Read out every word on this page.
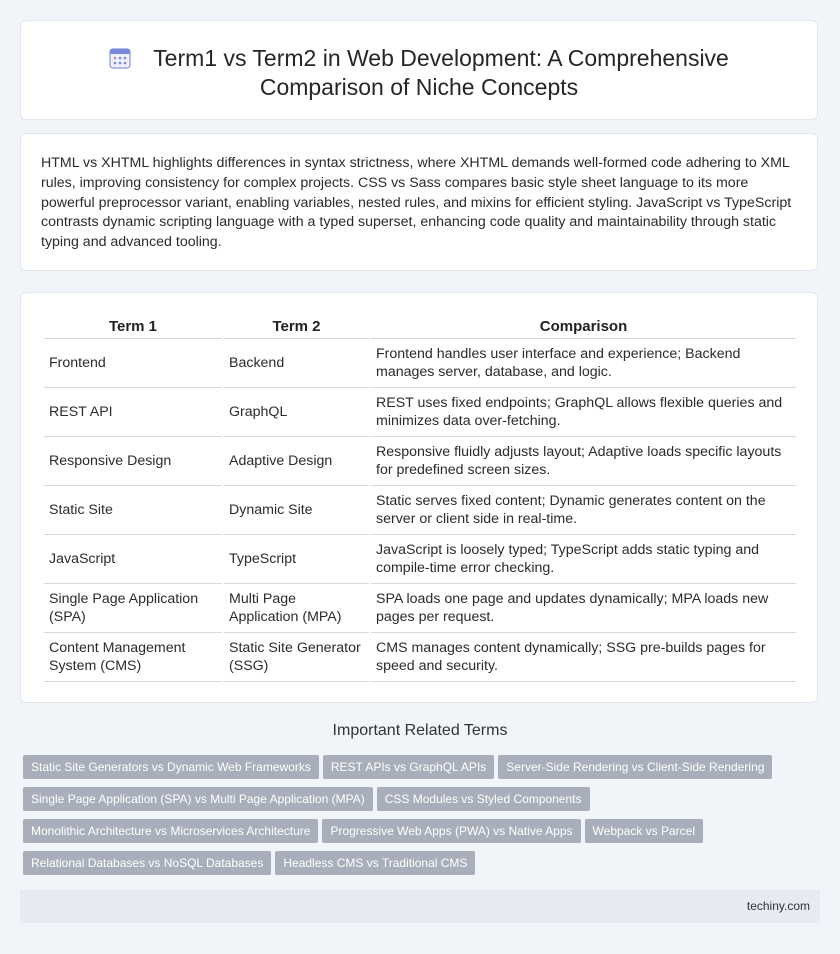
Term1 vs Term2 in Web Development: A Comprehensive
Comparison of Niche Concepts

HTML vs XHTML highlights differences in syntax strictness, where XHTML demands well-formed code adhering to XML rules, improving consistency for complex projects. CSS vs Sass compares basic style sheet language to its more powerful preprocessor variant, enabling variables, nested rules, and mixins for efficient styling. JavaScript vs TypeScript contrasts dynamic scripting language with a typed superset, enhancing code quality and maintainability through static typing and advanced tooling.

Term 1	Term 2	Comparison
Frontend	Backend	Frontend handles user interface and experience; Backend manages server, database, and logic.
REST API	GraphQL	REST uses fixed endpoints; GraphQL allows flexible queries and minimizes data over-fetching.
Responsive Design	Adaptive Design	Responsive fluidly adjusts layout; Adaptive loads specific layouts for predefined screen sizes.
Static Site	Dynamic Site	Static serves fixed content; Dynamic generates content on the server or client side in real-time.
JavaScript	TypeScript	JavaScript is loosely typed; TypeScript adds static typing and compile-time error checking.
Single Page Application (SPA)	Multi Page Application (MPA)	SPA loads one page and updates dynamically; MPA loads new pages per request.
Content Management System (CMS)	Static Site Generator (SSG)	CMS manages content dynamically; SSG pre-builds pages for speed and security.
Important Related Terms
Static Site Generators vs Dynamic Web Frameworks REST APIs vs GraphQL APIs Server-Side Rendering vs Client-Side Rendering
Single Page Application (SPA) vs Multi Page Application (MPA) CSS Modules vs Styled Components
Monolithic Architecture vs Microservices Architecture Progressive Web Apps (PWA) vs Native Apps Webpack vs Parcel
Relational Databases vs NoSQL Databases Headless CMS vs Traditional CMS
techiny.com
